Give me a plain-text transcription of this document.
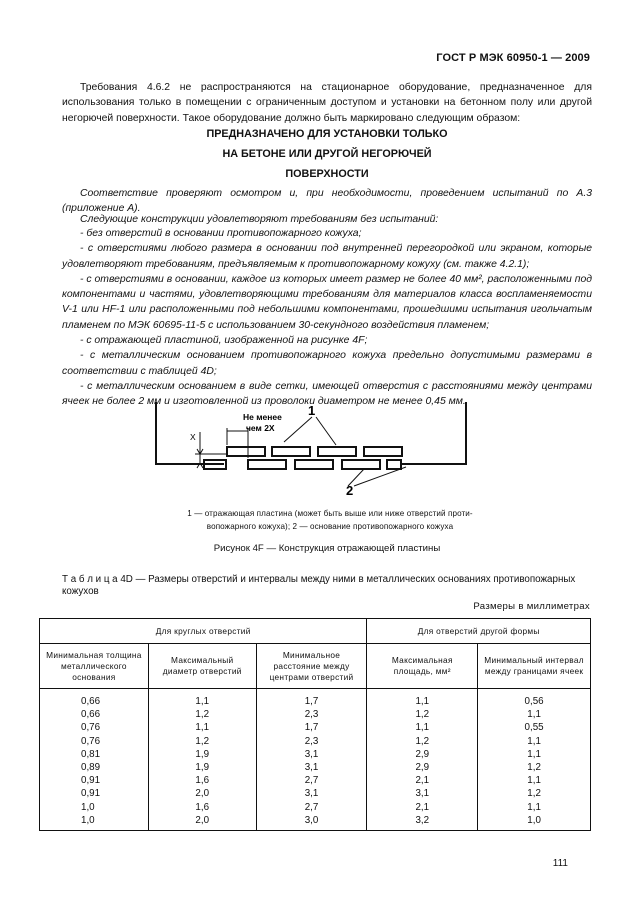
ГОСТ Р МЭК 60950-1 — 2009
Требования 4.6.2 не распространяются на стационарное оборудование, предназначенное для использования только в помещении с ограниченным доступом и установки на бетонном полу или другой негорючей поверхности. Такое оборудование должно быть маркировано следующим образом:
ПРЕДНАЗНАЧЕНО ДЛЯ УСТАНОВКИ ТОЛЬКО
НА БЕТОНЕ ИЛИ ДРУГОЙ НЕГОРЮЧЕЙ
ПОВЕРХНОСТИ
Соответствие проверяют осмотром и, при необходимости, проведением испытаний по А.3 (приложение А).
Следующие конструкции удовлетворяют требованиям без испытаний:
- без отверстий в основании противопожарного кожуха;
- с отверстиями любого размера в основании под внутренней перегородкой или экраном, которые удовлетворяют требованиям, предъявляемым к противопожарному кожуху (см. также 4.2.1);
- с отверстиями в основании, каждое из которых имеет размер не более 40 мм², расположенными под компонентами и частями, удовлетворяющими требованиям для материалов класса воспламеняемости V-1 или HF-1 или расположенными под небольшими компонентами, прошедшими испытания игольчатым пламенем по МЭК 60695-11-5 с использованием 30-секундного воздействия пламенем;
- с отражающей пластиной, изображенной на рисунке 4F;
- с металлическим основанием противопожарного кожуха предельно допустимыми размерами в соответствии с таблицей 4D;
- с металлическим основанием в виде сетки, имеющей отверстия с расстояниями между центрами ячеек не более 2 мм и изготовленной из проволоки диаметром не менее 0,45 мм.
Не менее
чем 2X
X
1
2
1 — отражающая пластина (может быть выше или ниже отверстий проти-
вопожарного кожуха); 2 — основание противопожарного кожуха
Рисунок 4F — Конструкция отражающей пластины
Т а б л и ц а 4D — Размеры отверстий и интервалы между ними в металлических основаниях противопожарных кожухов
Размеры в миллиметрах
Для круглых отверстий			Для отверстий другой формы	
Минимальная толщина металлического основания	Максимальный диаметр отверстий	Минимальное расстояние между центрами отверстий	Максимальная площадь, мм²	Минимальный интервал между границами ячеек
0,66	1,1	1,7	1,1	0,56
0,66	1,2	2,3	1,2	1,1
0,76	1,1	1,7	1,1	0,55
0,76	1,2	2,3	1,2	1,1
0,81	1,9	3,1	2,9	1,1
0,89	1,9	3,1	2,9	1,2
0,91	1,6	2,7	2,1	1,1
0,91	2,0	3,1	3,1	1,2
1,0	1,6	2,7	2,1	1,1
1,0	2,0	3,0	3,2	1,0
111
